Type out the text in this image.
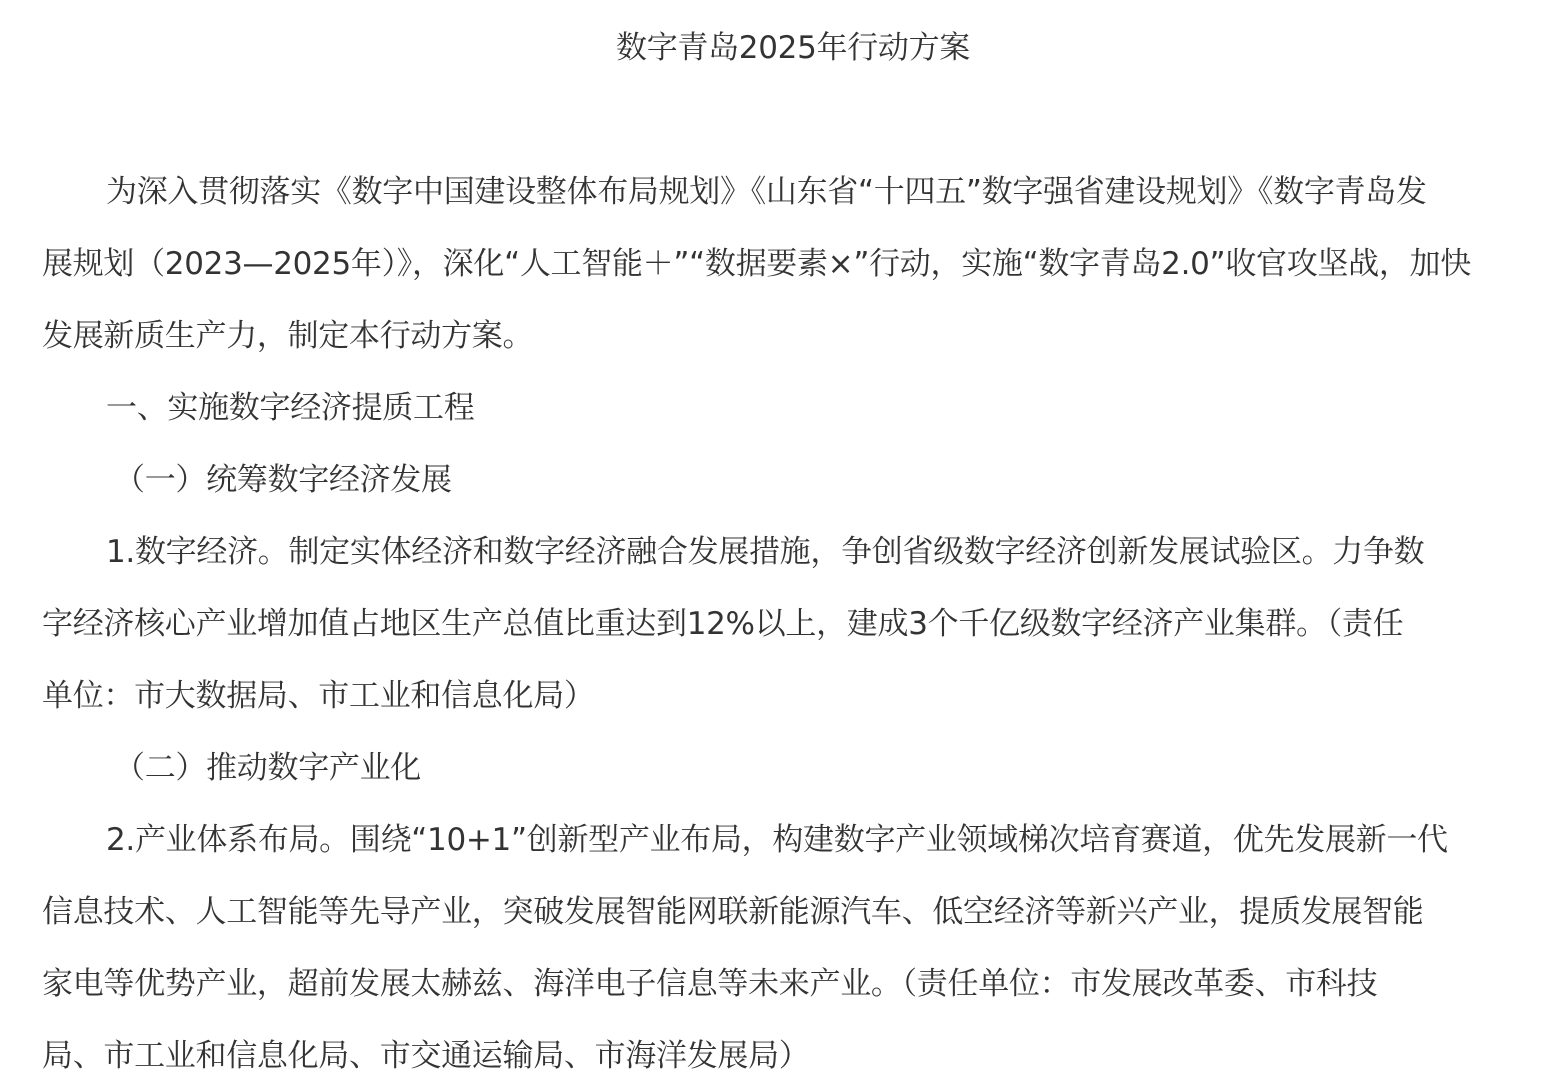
数字青岛2025年行动方案

为深入贯彻落实《数字中国建设整体布局规划》《山东省“十四五”数字强省建设规划》《数字青岛发
展规划（2023—2025年）》，深化“人工智能＋”“数据要素×”行动，实施“数字青岛2.0”收官攻坚战，加快
发展新质生产力，制定本行动方案。

一、实施数字经济提质工程

（一）统筹数字经济发展

1.数字经济。制定实体经济和数字经济融合发展措施，争创省级数字经济创新发展试验区。力争数
字经济核心产业增加值占地区生产总值比重达到12%以上，建成3个千亿级数字经济产业集群。（责任
单位：市大数据局、市工业和信息化局）

（二）推动数字产业化

2.产业体系布局。围绕“10+1”创新型产业布局，构建数字产业领域梯次培育赛道，优先发展新一代
信息技术、人工智能等先导产业，突破发展智能网联新能源汽车、低空经济等新兴产业，提质发展智能
家电等优势产业，超前发展太赫兹、海洋电子信息等未来产业。（责任单位：市发展改革委、市科技
局、市工业和信息化局、市交通运输局、市海洋发展局）
